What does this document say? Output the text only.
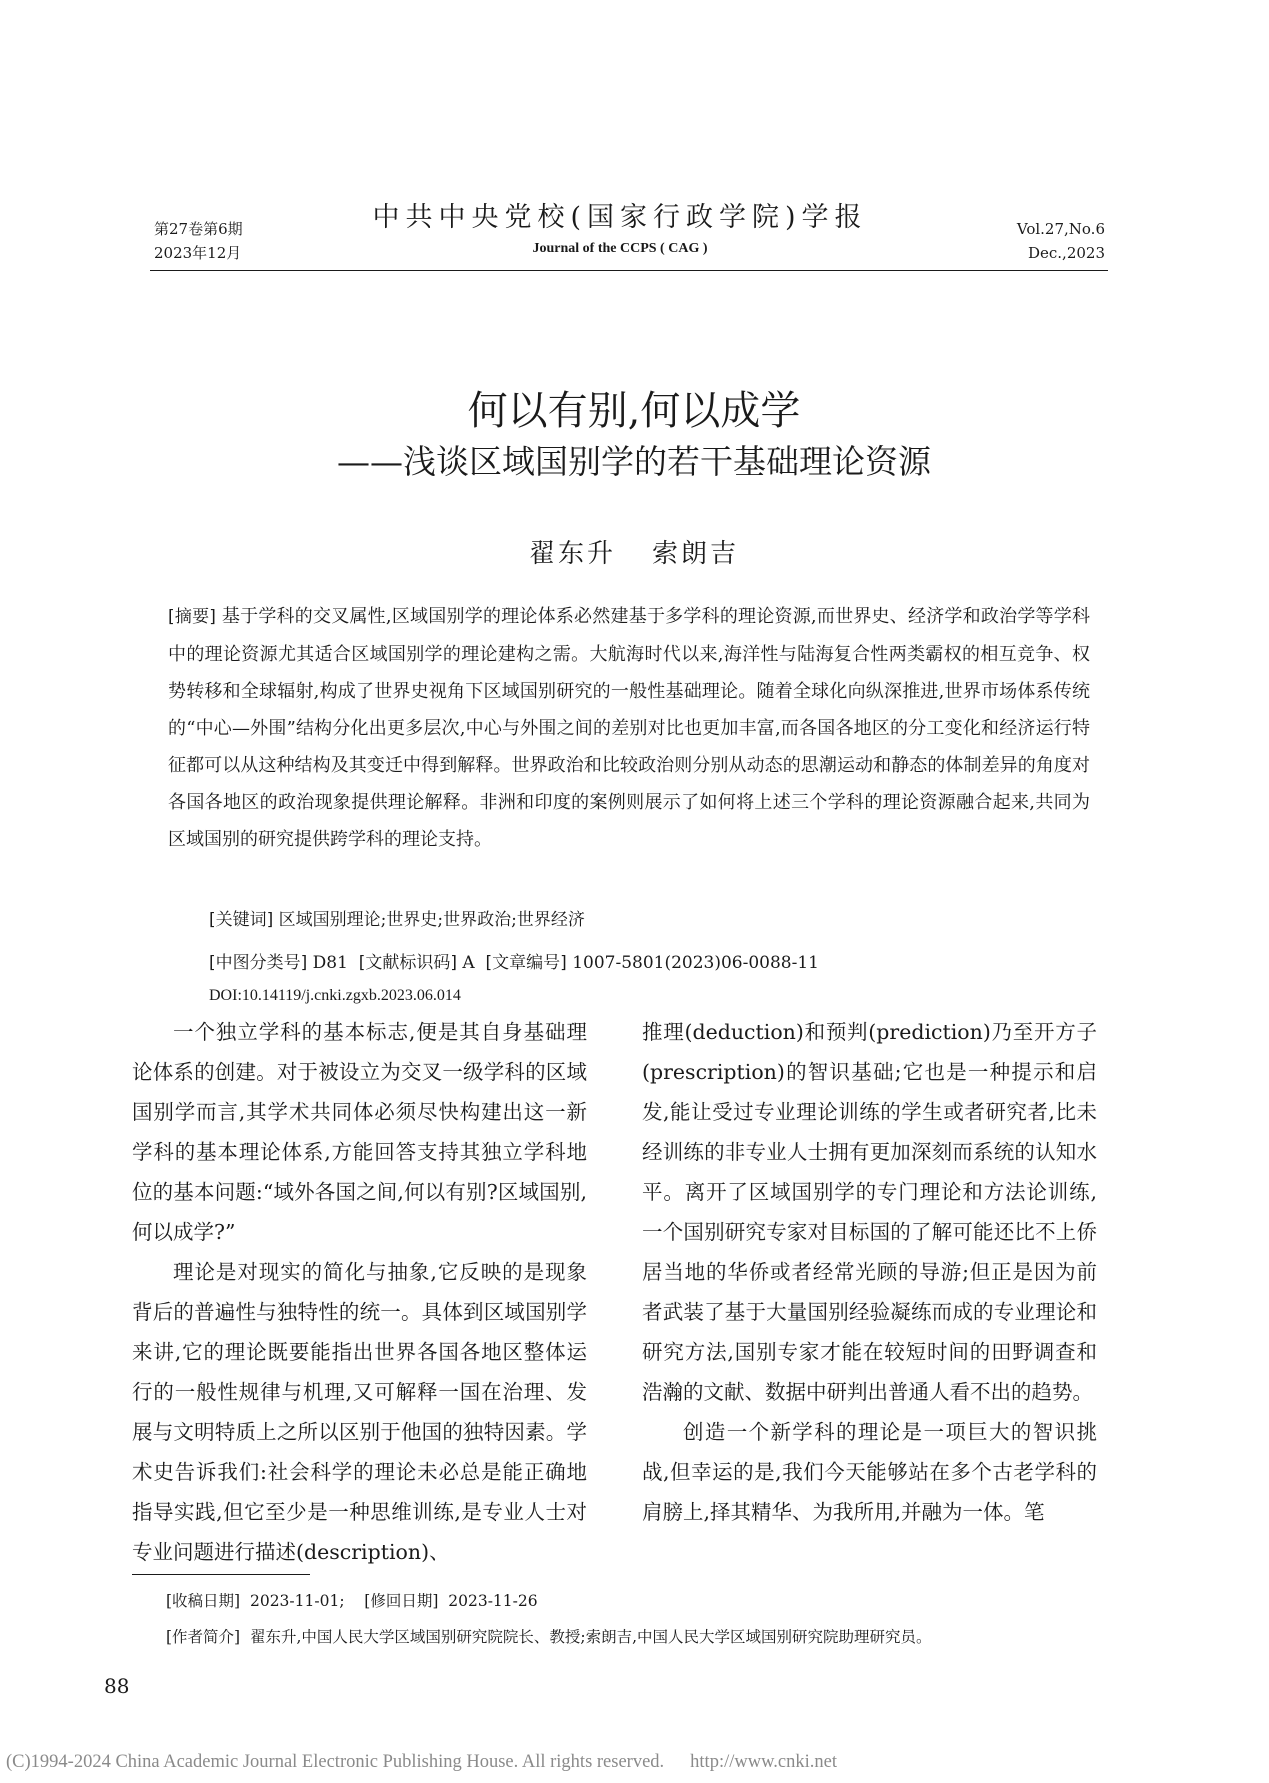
第27卷第6期
2023年12月
中共中央党校(国家行政学院)学报
Journal of the CCPS ( CAG )
Vol.27,No.6
Dec.,2023
何以有别,何以成学
——浅谈区域国别学的若干基础理论资源
翟东升 索朗吉
[摘要] 基于学科的交叉属性,区域国别学的理论体系必然建基于多学科的理论资源,而世界史、经济学和政治学等学科中的理论资源尤其适合区域国别学的理论建构之需。大航海时代以来,海洋性与陆海复合性两类霸权的相互竞争、权势转移和全球辐射,构成了世界史视角下区域国别研究的一般性基础理论。随着全球化向纵深推进,世界市场体系传统的“中心—外围”结构分化出更多层次,中心与外围之间的差别对比也更加丰富,而各国各地区的分工变化和经济运行特征都可以从这种结构及其变迁中得到解释。世界政治和比较政治则分别从动态的思潮运动和静态的体制差异的角度对各国各地区的政治现象提供理论解释。非洲和印度的案例则展示了如何将上述三个学科的理论资源融合起来,共同为区域国别的研究提供跨学科的理论支持。
[关键词] 区域国别理论;世界史;世界政治;世界经济
[中图分类号] D81 [文献标识码] A [文章编号] 1007-5801(2023)06-0088-11
DOI:10.14119/j.cnki.zgxb.2023.06.014

一个独立学科的基本标志,便是其自身基础理论体系的创建。对于被设立为交叉一级学科的区域国别学而言,其学术共同体必须尽快构建出这一新学科的基本理论体系,方能回答支持其独立学科地位的基本问题:“域外各国之间,何以有别?区域国别,何以成学?”

理论是对现实的简化与抽象,它反映的是现象背后的普遍性与独特性的统一。具体到区域国别学来讲,它的理论既要能指出世界各国各地区整体运行的一般性规律与机理,又可解释一国在治理、发展与文明特质上之所以区别于他国的独特因素。学术史告诉我们:社会科学的理论未必总是能正确地指导实践,但它至少是一种思维训练,是专业人士对专业问题进行描述(description)、

推理(deduction)和预判(prediction)乃至开方子(prescription)的智识基础;它也是一种提示和启发,能让受过专业理论训练的学生或者研究者,比未经训练的非专业人士拥有更加深刻而系统的认知水平。离开了区域国别学的专门理论和方法论训练,一个国别研究专家对目标国的了解可能还比不上侨居当地的华侨或者经常光顾的导游;但正是因为前者武装了基于大量国别经验凝练而成的专业理论和研究方法,国别专家才能在较短时间的田野调查和浩瀚的文献、数据中研判出普通人看不出的趋势。

创造一个新学科的理论是一项巨大的智识挑战,但幸运的是,我们今天能够站在多个古老学科的肩膀上,择其精华、为我所用,并融为一体。笔

[收稿日期] 2023-11-01; [修回日期] 2023-11-26
[作者简介] 翟东升,中国人民大学区域国别研究院院长、教授;索朗吉,中国人民大学区域国别研究院助理研究员。
88
(C)1994-2024 China Academic Journal Electronic Publishing House. All rights reserved. http://www.cnki.net
